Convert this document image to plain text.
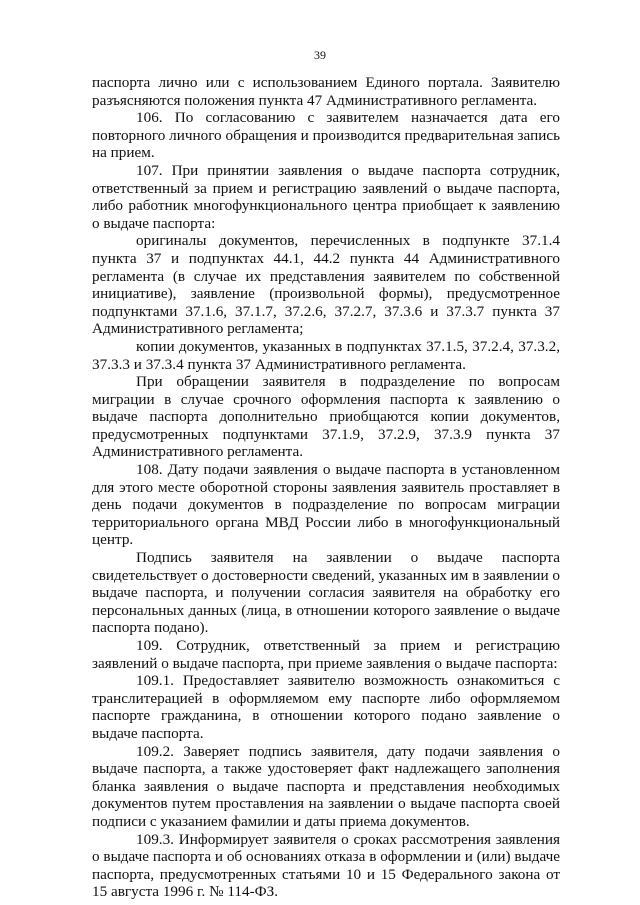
39

паспорта лично или с использованием Единого портала. Заявителю разъясняются положения пункта 47 Административного регламента.

106. По согласованию с заявителем назначается дата его повторного личного обращения и производится предварительная запись на прием.

107. При принятии заявления о выдаче паспорта сотрудник, ответственный за прием и регистрацию заявлений о выдаче паспорта, либо работник многофункционального центра приобщает к заявлению о выдаче паспорта:

оригиналы документов, перечисленных в подпункте 37.1.4 пункта 37 и подпунктах 44.1, 44.2 пункта 44 Административного регламента (в случае их представления заявителем по собственной инициативе), заявление (произвольной формы), предусмотренное подпунктами 37.1.6, 37.1.7, 37.2.6, 37.2.7, 37.3.6 и 37.3.7 пункта 37 Административного регламента;

копии документов, указанных в подпунктах 37.1.5, 37.2.4, 37.3.2, 37.3.3 и 37.3.4 пункта 37 Административного регламента.

При обращении заявителя в подразделение по вопросам миграции в случае срочного оформления паспорта к заявлению о выдаче паспорта дополнительно приобщаются копии документов, предусмотренных подпунктами 37.1.9, 37.2.9, 37.3.9 пункта 37 Административного регламента.

108. Дату подачи заявления о выдаче паспорта в установленном для этого месте оборотной стороны заявления заявитель проставляет в день подачи документов в подразделение по вопросам миграции территориального органа МВД России либо в многофункциональный центр.

Подпись заявителя на заявлении о выдаче паспорта свидетельствует о достоверности сведений, указанных им в заявлении о выдаче паспорта, и получении согласия заявителя на обработку его персональных данных (лица, в отношении которого заявление о выдаче паспорта подано).

109. Сотрудник, ответственный за прием и регистрацию заявлений о выдаче паспорта, при приеме заявления о выдаче паспорта:

109.1. Предоставляет заявителю возможность ознакомиться с транслитерацией в оформляемом ему паспорте либо оформляемом паспорте гражданина, в отношении которого подано заявление о выдаче паспорта.

109.2. Заверяет подпись заявителя, дату подачи заявления о выдаче паспорта, а также удостоверяет факт надлежащего заполнения бланка заявления о выдаче паспорта и представления необходимых документов путем проставления на заявлении о выдаче паспорта своей подписи с указанием фамилии и даты приема документов.

109.3. Информирует заявителя о сроках рассмотрения заявления о выдаче паспорта и об основаниях отказа в оформлении и (или) выдаче паспорта, предусмотренных статьями 10 и 15 Федерального закона от 15 августа 1996 г. № 114-ФЗ.
